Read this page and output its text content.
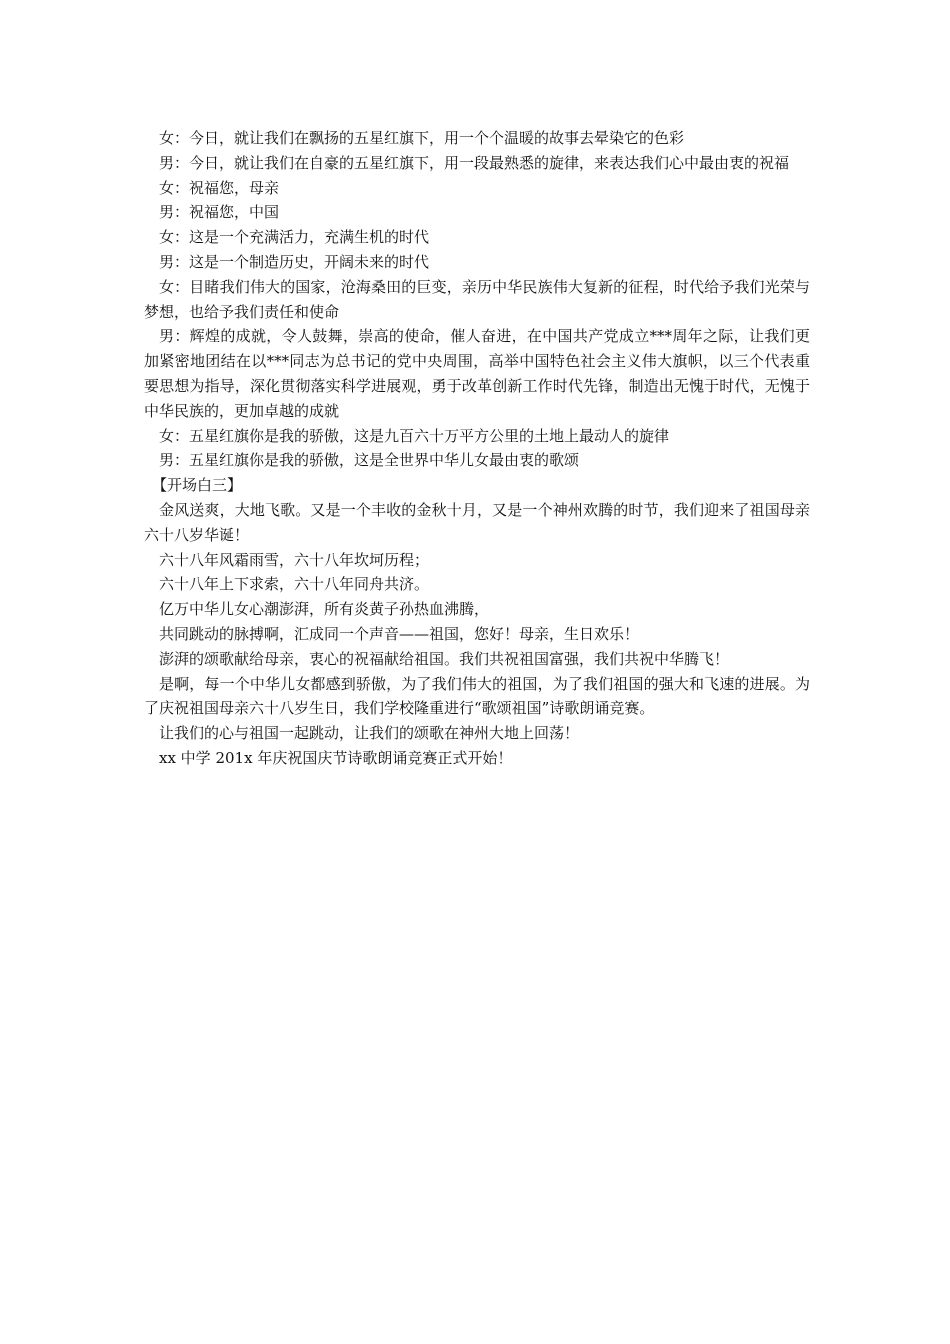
女：今日，就让我们在飘扬的五星红旗下，用一个个温暖的故事去晕染它的色彩

男：今日，就让我们在自豪的五星红旗下，用一段最熟悉的旋律，来表达我们心中最由衷的祝福

女：祝福您，母亲

男：祝福您，中国

女：这是一个充满活力，充满生机的时代

男：这是一个制造历史，开阔未来的时代

女：目睹我们伟大的国家，沧海桑田的巨变，亲历中华民族伟大复新的征程，时代给予我们光荣与梦想，也给予我们责任和使命

男：辉煌的成就，令人鼓舞，崇高的使命，催人奋进，在中国共产党成立***周年之际，让我们更加紧密地团结在以***同志为总书记的党中央周围，高举中国特色社会主义伟大旗帜，以三个代表重要思想为指导，深化贯彻落实科学进展观，勇于改革创新工作时代先锋，制造出无愧于时代，无愧于中华民族的，更加卓越的成就

女：五星红旗你是我的骄傲，这是九百六十万平方公里的土地上最动人的旋律

男：五星红旗你是我的骄傲，这是全世界中华儿女最由衷的歌颂

【开场白三】

金风送爽，大地飞歌。又是一个丰收的金秋十月，又是一个神州欢腾的时节，我们迎来了祖国母亲六十八岁华诞！

六十八年风霜雨雪，六十八年坎坷历程；

六十八年上下求索，六十八年同舟共济。

亿万中华儿女心潮澎湃，所有炎黄子孙热血沸腾，

共同跳动的脉搏啊，汇成同一个声音——祖国，您好！母亲，生日欢乐！

澎湃的颂歌献给母亲，衷心的祝福献给祖国。我们共祝祖国富强，我们共祝中华腾飞！

是啊，每一个中华儿女都感到骄傲，为了我们伟大的祖国，为了我们祖国的强大和飞速的进展。为了庆祝祖国母亲六十八岁生日，我们学校隆重进行“歌颂祖国”诗歌朗诵竞赛。

让我们的心与祖国一起跳动，让我们的颂歌在神州大地上回荡！

xx 中学 201x 年庆祝国庆节诗歌朗诵竞赛正式开始！
